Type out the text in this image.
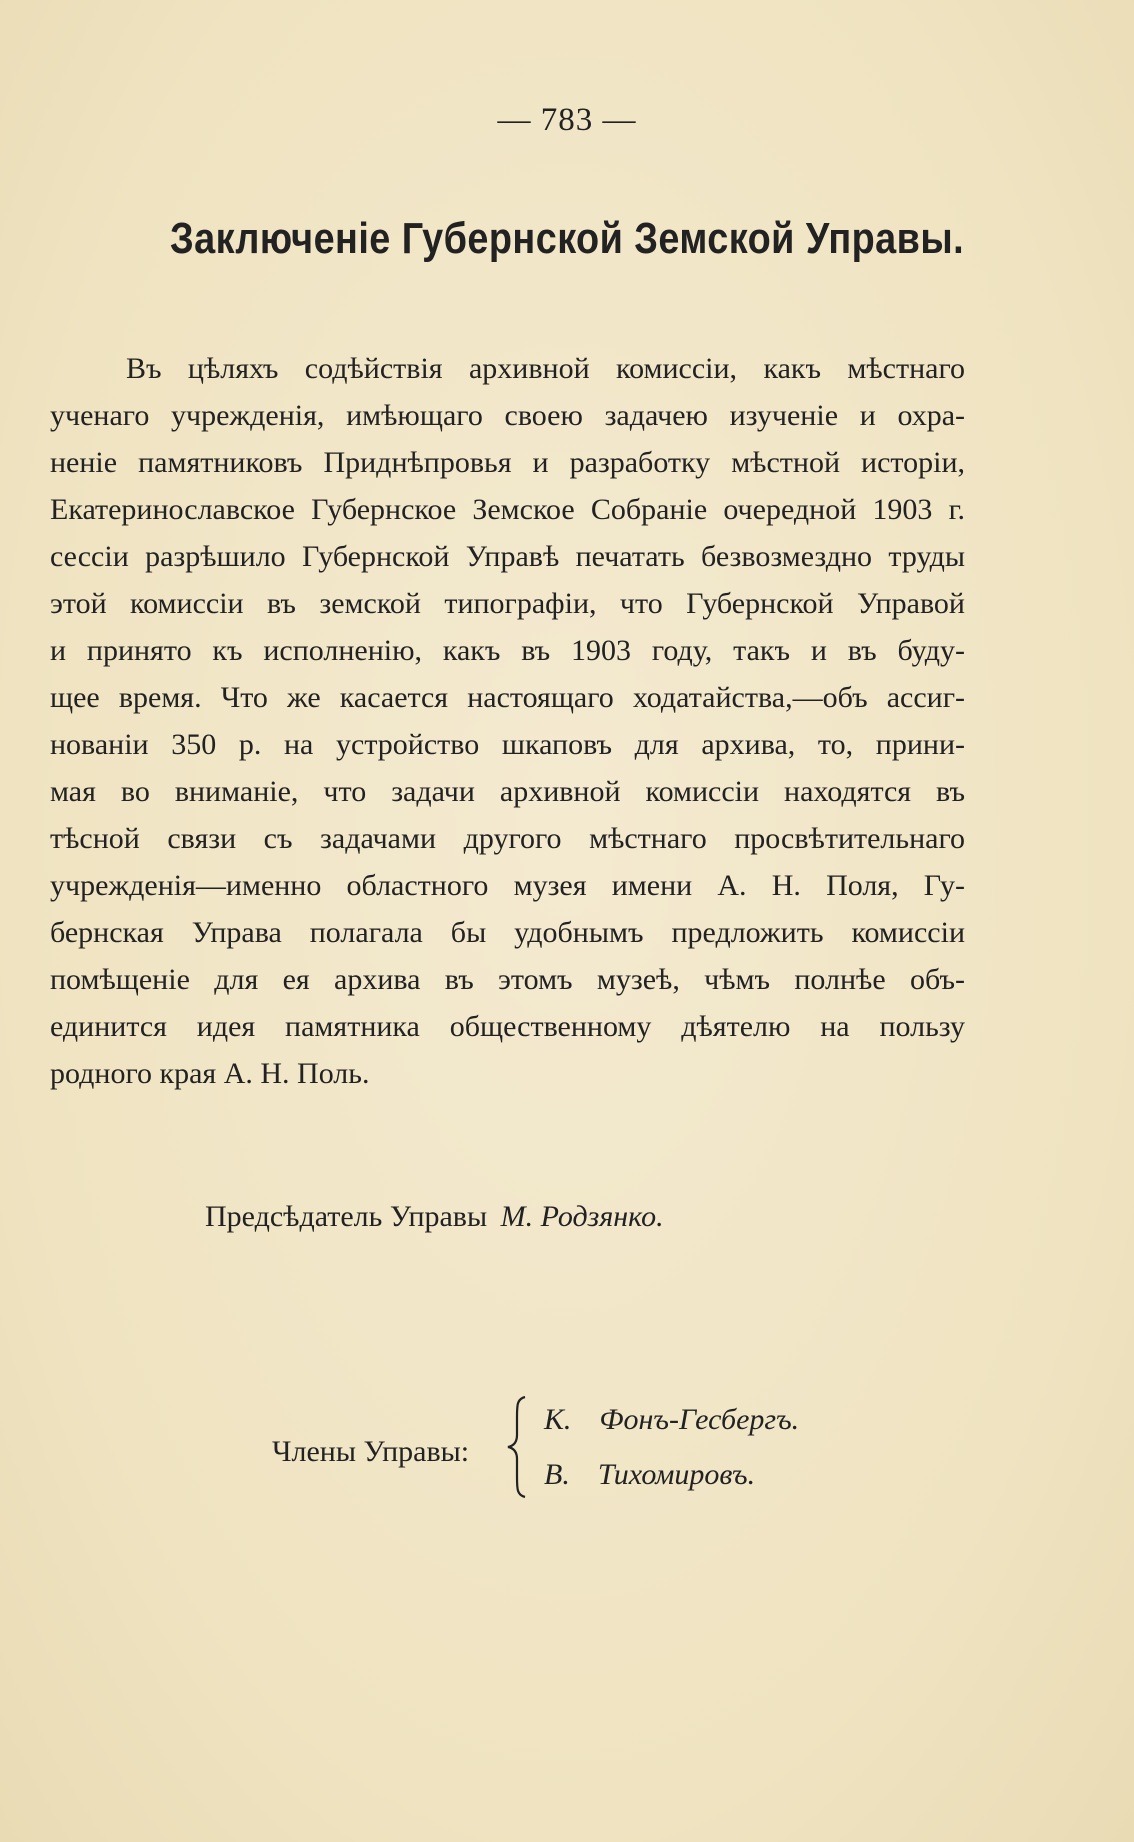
— 783 —
Заключеніе Губернской Земской Управы.
Въ цѣляхъ содѣйствія архивной комиссіи, какъ мѣстнаго
ученаго учрежденія, имѣющаго своею задачею изученіе и охра-
неніе памятниковъ Приднѣпровья и разработку мѣстной исторіи,
Екатеринославское Губернское Земское Собраніе очередной 1903 г.
сессіи разрѣшило Губернской Управѣ печатать безвозмездно труды
этой комиссіи въ земской типографіи, что Губернской Управой
и принято къ исполненію, какъ въ 1903 году, такъ и въ буду-
щее время. Что же касается настоящаго ходатайства,—объ ассиг-
нованіи 350 р. на устройство шкаповъ для архива, то, прини-
мая во вниманіе, что задачи архивной комиссіи находятся въ
тѣсной связи съ задачами другого мѣстнаго просвѣтительнаго
учрежденія—именно областного музея имени А. Н. Поля, Гу-
бернская Управа полагала бы удобнымъ предложить комиссіи
помѣщеніе для ея архива въ этомъ музеѣ, чѣмъ полнѣе объ-
единится идея памятника общественному дѣятелю на пользу
родного края А. Н. Поль.
Предсѣдатель Управы М. Родзянко.
Члены Управы:
К. Фонъ-Гесбергъ.
В. Тихомировъ.
